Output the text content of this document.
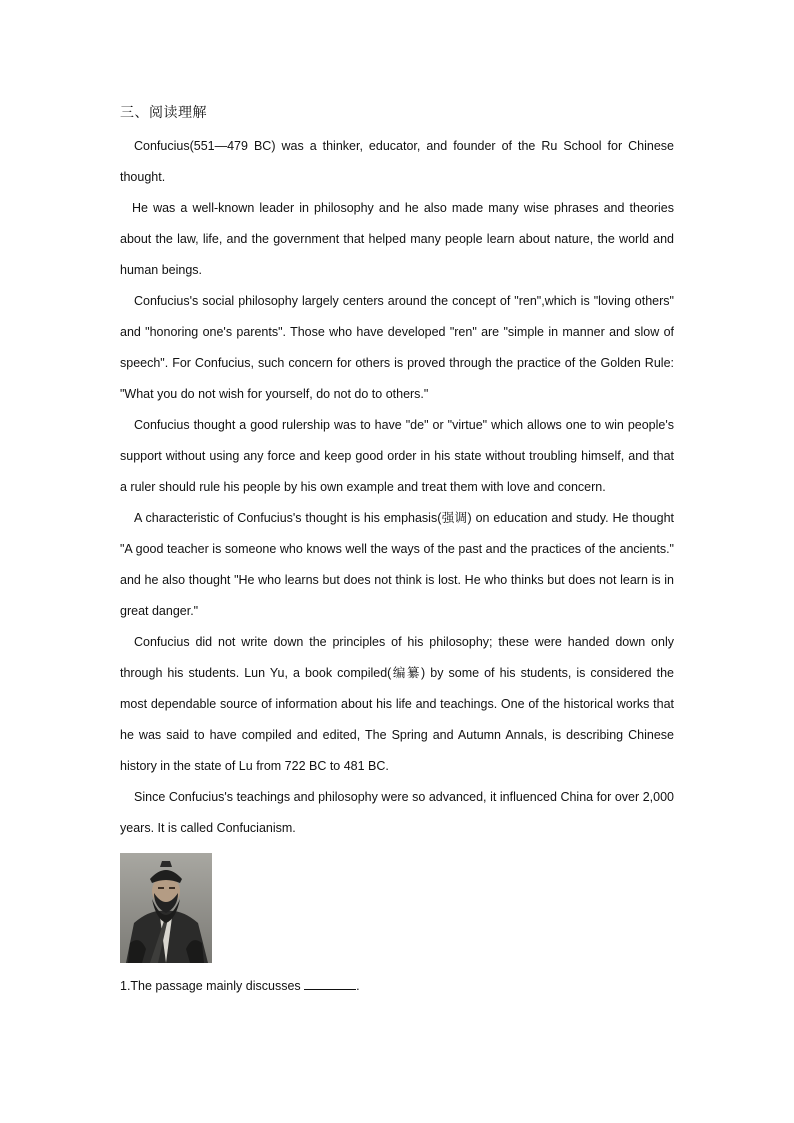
三、阅读理解

Confucius(551—479 BC) was a thinker, educator, and founder of the Ru School for Chinese thought.

He was a well-known leader in philosophy and he also made many wise phrases and theories about the law, life, and the government that helped many people learn about nature, the world and human beings.

Confucius's social philosophy largely centers around the concept of "ren",which is "loving others" and "honoring one's parents". Those who have developed "ren" are "simple in manner and slow of speech". For Confucius, such concern for others is proved through the practice of the Golden Rule: "What you do not wish for yourself, do not do to others."

Confucius thought a good rulership was to have "de" or "virtue" which allows one to win people's support without using any force and keep good order in his state without troubling himself, and that a ruler should rule his people by his own example and treat them with love and concern.

A characteristic of Confucius's thought is his emphasis(强调) on education and study. He thought "A good teacher is someone who knows well the ways of the past and the practices of the ancients." and he also thought "He who learns but does not think is lost. He who thinks but does not learn is in great danger."

Confucius did not write down the principles of his philosophy; these were handed down only through his students. Lun Yu, a book compiled(编纂) by some of his students, is considered the most dependable source of information about his life and teachings. One of the historical works that he was said to have compiled and edited, The Spring and Autumn Annals, is describing Chinese history in the state of Lu from 722 BC to 481 BC.

Since Confucius's teachings and philosophy were so advanced, it influenced China for over 2,000 years. It is called Confucianism.

1.The passage mainly discusses	.
